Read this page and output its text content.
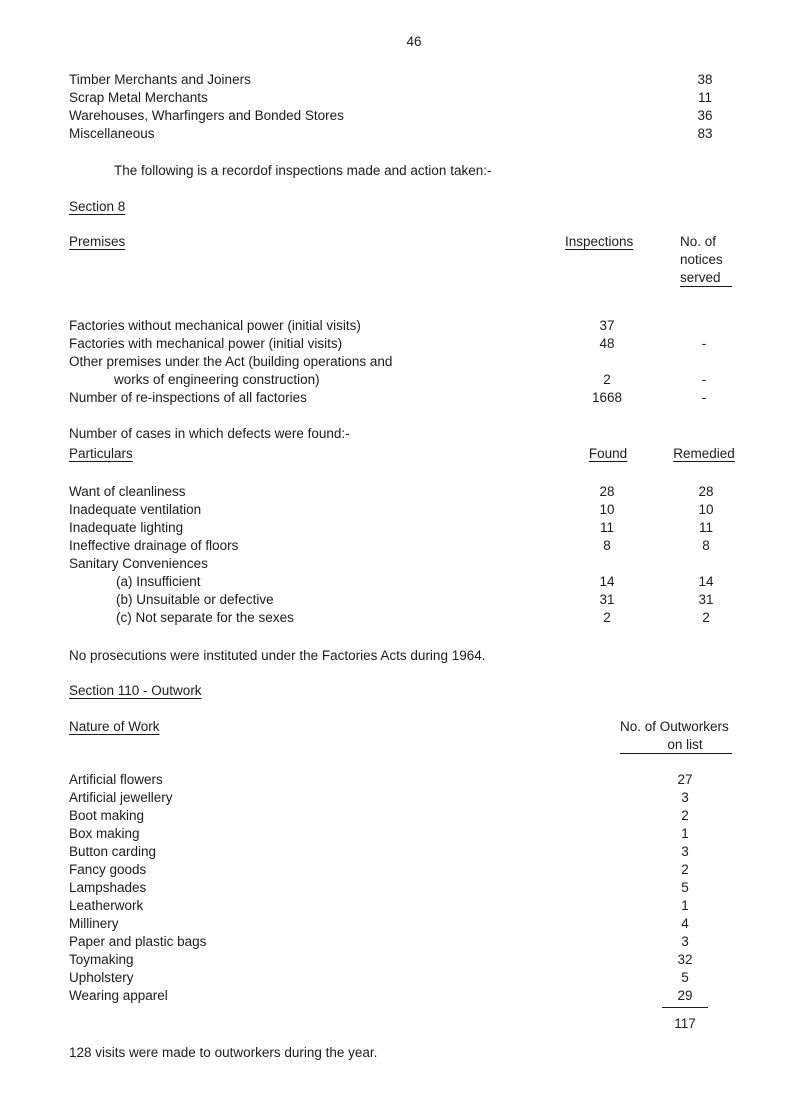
46
Timber Merchants and Joiners	38
Scrap Metal Merchants	11
Warehouses, Wharfingers and Bonded Stores	36
Miscellaneous	83
The following is a recordof inspections made and action taken:-
Section 8
Premises	Inspections	No. of
notices
served
Factories without mechanical power (initial visits)	37
Factories with mechanical power (initial visits)	48	-
Other premises under the Act (building operations and
works of engineering construction)	2	-
Number of re-inspections of all factories	1668	-
Number of cases in which defects were found:-
Particulars	Found	Remedied
Want of cleanliness	28	28
Inadequate ventilation	10	10
Inadequate lighting	11	11
Ineffective drainage of floors	8	8
Sanitary Conveniences
(a) Insufficient	14	14
(b) Unsuitable or defective	31	31
(c) Not separate for the sexes	2	2
No prosecutions were instituted under the Factories Acts during 1964.
Section 110 - Outwork
Nature of Work	No. of Outworkers
on list
Artificial flowers	27
Artificial jewellery	3
Boot making	2
Box making	1
Button carding	3
Fancy goods	2
Lampshades	5
Leatherwork	1
Millinery	4
Paper and plastic bags	3
Toymaking	32
Upholstery	5
Wearing apparel	29
117
128 visits were made to outworkers during the year.
